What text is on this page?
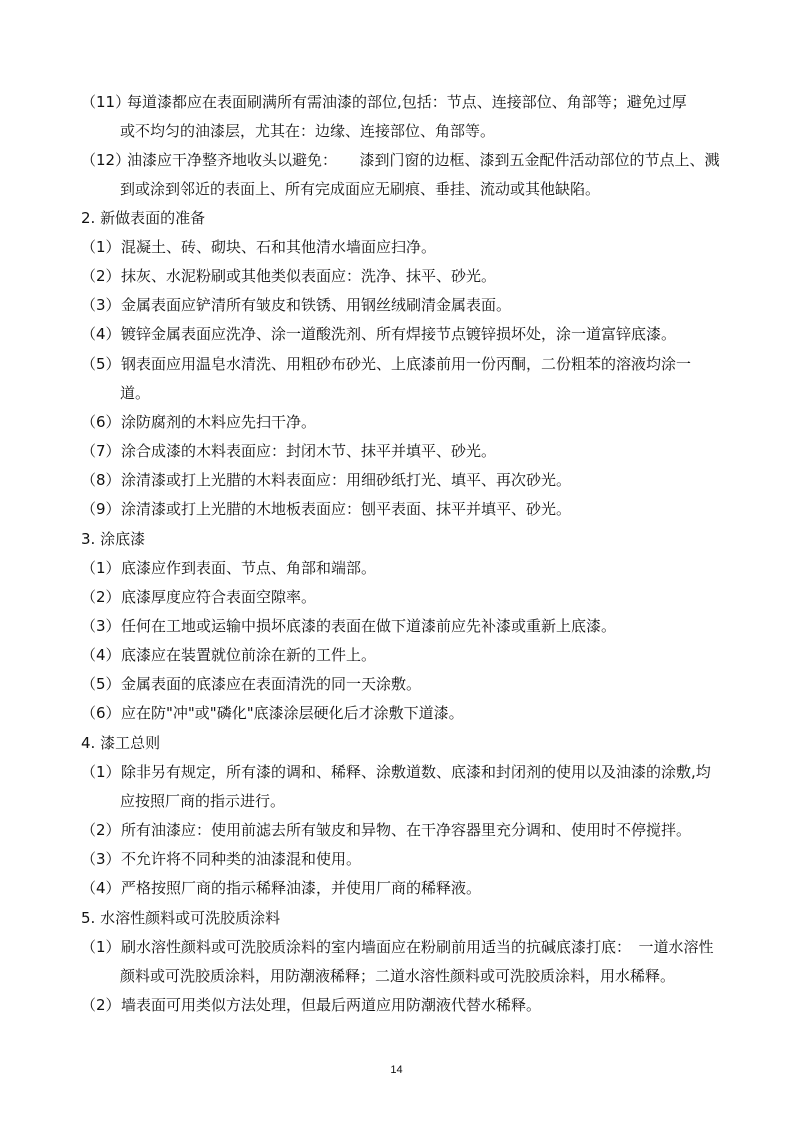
（11）每道漆都应在表面刷满所有需油漆的部位,包括：节点、连接部位、角部等；避免过厚
或不均匀的油漆层，尤其在：边缘、连接部位、角部等。
（12）油漆应干净整齐地收头以避免：　　漆到门窗的边框、漆到五金配件活动部位的节点上、溅
到或涂到邻近的表面上、所有完成面应无刷痕、垂挂、流动或其他缺陷。
2. 新做表面的准备
（1）混凝土、砖、砌块、石和其他清水墙面应扫净。
（2）抹灰、水泥粉刷或其他类似表面应：洗净、抹平、砂光。
（3）金属表面应铲清所有皱皮和铁锈、用钢丝绒刷清金属表面。
（4）镀锌金属表面应洗净、涂一道酸洗剂、所有焊接节点镀锌损坏处，涂一道富锌底漆。
（5）钢表面应用温皂水清洗、用粗砂布砂光、上底漆前用一份丙酮，二份粗苯的溶液均涂一
道。
（6）涂防腐剂的木料应先扫干净。
（7）涂合成漆的木料表面应：封闭木节、抹平并填平、砂光。
（8）涂清漆或打上光腊的木料表面应：用细砂纸打光、填平、再次砂光。
（9）涂清漆或打上光腊的木地板表面应：刨平表面、抹平并填平、砂光。
3. 涂底漆
（1）底漆应作到表面、节点、角部和端部。
（2）底漆厚度应符合表面空隙率。
（3）任何在工地或运输中损坏底漆的表面在做下道漆前应先补漆或重新上底漆。
（4）底漆应在装置就位前涂在新的工件上。
（5）金属表面的底漆应在表面清洗的同一天涂敷。
（6）应在防"冲"或"磷化"底漆涂层硬化后才涂敷下道漆。
4. 漆工总则
（1）除非另有规定，所有漆的调和、稀释、涂敷道数、底漆和封闭剂的使用以及油漆的涂敷,均
应按照厂商的指示进行。
（2）所有油漆应：使用前滤去所有皱皮和异物、在干净容器里充分调和、使用时不停搅拌。
（3）不允许将不同种类的油漆混和使用。
（4）严格按照厂商的指示稀释油漆，并使用厂商的稀释液。
5. 水溶性颜料或可洗胶质涂料
（1）刷水溶性颜料或可洗胶质涂料的室内墙面应在粉刷前用适当的抗碱底漆打底：　一道水溶性
颜料或可洗胶质涂料，用防潮液稀释；二道水溶性颜料或可洗胶质涂料，用水稀释。
（2）墙表面可用类似方法处理，但最后两道应用防潮液代替水稀释。
14
